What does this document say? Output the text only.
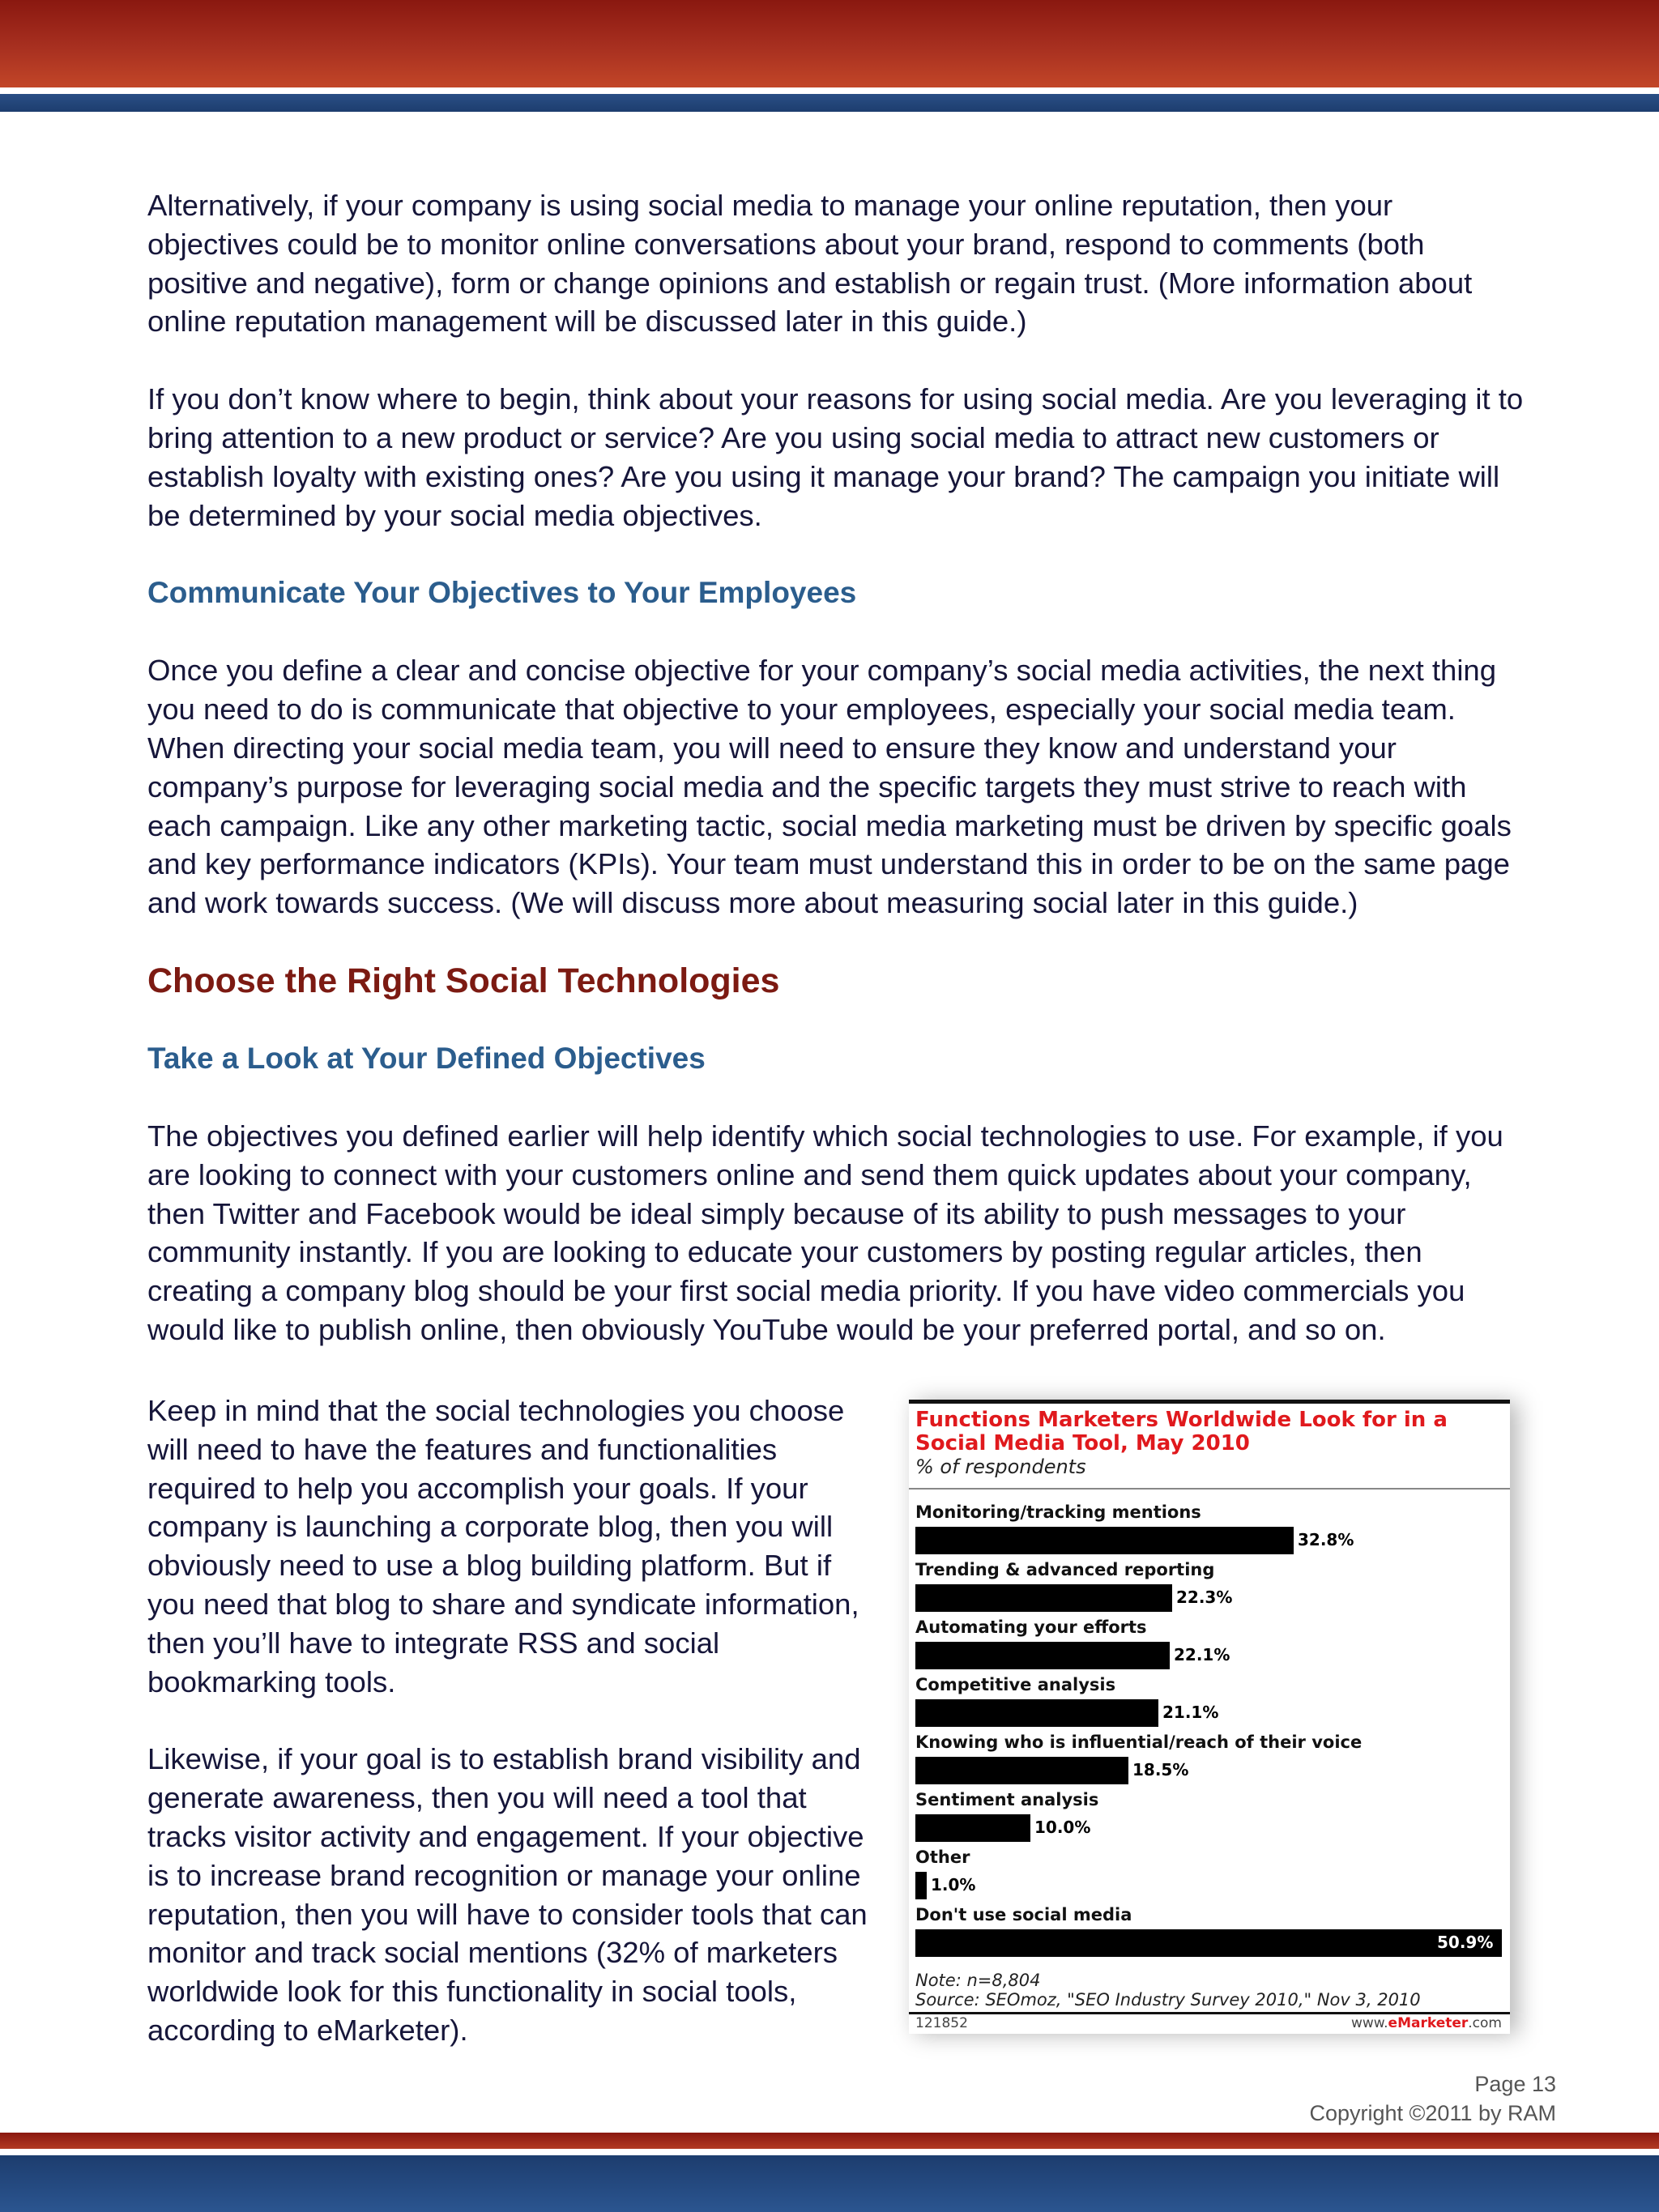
Alternatively, if your company is using social media to manage your online reputation, then your objectives could be to monitor online conversations about your brand, respond to comments (both positive and negative), form or change opinions and establish or regain trust. (More information about online reputation management will be discussed later in this guide.)

If you don’t know where to begin, think about your reasons for using social media. Are you leveraging it to bring attention to a new product or service? Are you using social media to attract new customers or establish loyalty with existing ones? Are you using it manage your brand? The campaign you initiate will be determined by your social media objectives.

Communicate Your Objectives to Your Employees

Once you define a clear and concise objective for your company’s social media activities, the next thing you need to do is communicate that objective to your employees, especially your social media team. When directing your social media team, you will need to ensure they know and understand your company’s purpose for leveraging social media and the specific targets they must strive to reach with each campaign. Like any other marketing tactic, social media marketing must be driven by specific goals and key performance indicators (KPIs). Your team must understand this in order to be on the same page and work towards success. (We will discuss more about measuring social later in this guide.)

Choose the Right Social Technologies
Take a Look at Your Defined Objectives

The objectives you defined earlier will help identify which social technologies to use. For example, if you are looking to connect with your customers online and send them quick updates about your company, then Twitter and Facebook would be ideal simply because of its ability to push messages to your community instantly. If you are looking to educate your customers by posting regular articles, then creating a company blog should be your first social media priority. If you have video commercials you would like to publish online, then obviously YouTube would be your preferred portal, and so on.

Keep in mind that the social technologies you choose will need to have the features and functionalities required to help you accomplish your goals. If your company is launching a corporate blog, then you will obviously need to use a blog building platform. But if you need that blog to share and syndicate information, then you’ll have to integrate RSS and social bookmarking tools.

Likewise, if your goal is to establish brand visibility and generate awareness, then you will need a tool that tracks visitor activity and engagement. If your objective is to increase brand recognition or manage your online reputation, then you will have to consider tools that can monitor and track social mentions (32% of marketers worldwide look for this functionality in social tools, according to eMarketer).

Functions Marketers Worldwide Look for in a Social Media Tool, May 2010
% of respondents
Monitoring/tracking mentions
32.8%
Trending & advanced reporting
22.3%
Automating your efforts
22.1%
Competitive analysis
21.1%
Knowing who is influential/reach of their voice
18.5%
Sentiment analysis
10.0%
Other
1.0%
Don't use social media
50.9%
Note: n=8,804
Source: SEOmoz, "SEO Industry Survey 2010," Nov 3, 2010
121852	www.eMarketer.com
Page 13
Copyright ©2011 by RAM
